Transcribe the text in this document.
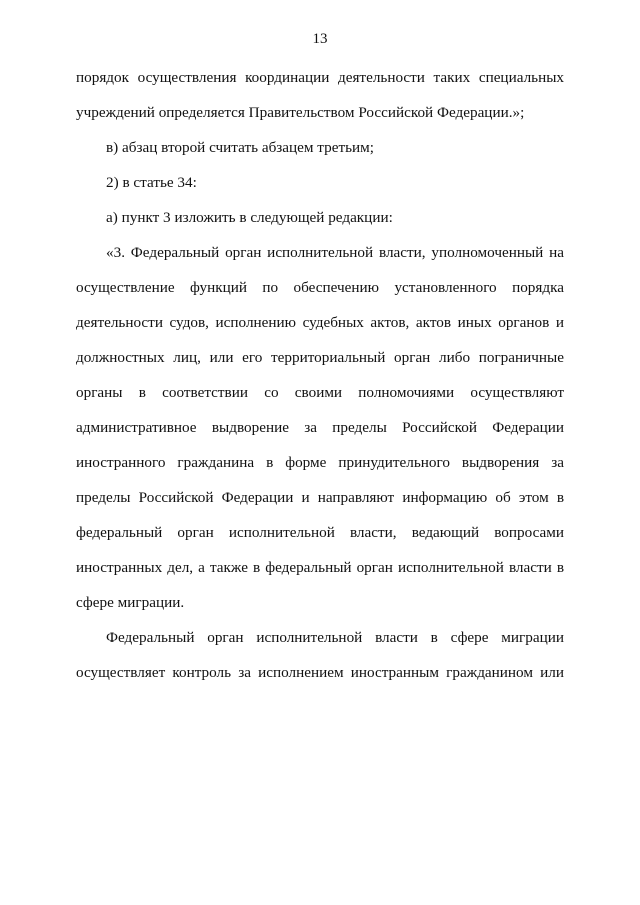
13
порядок осуществления координации деятельности таких специальных
учреждений определяется Правительством Российской Федерации.»;
в) абзац второй считать абзацем третьим;
2) в статье 34:
а) пункт 3 изложить в следующей редакции:
«3. Федеральный орган исполнительной власти, уполномоченный на
осуществление функций по обеспечению установленного порядка
деятельности судов, исполнению судебных актов, актов иных органов и
должностных лиц, или его территориальный орган либо пограничные
органы в соответствии со своими полномочиями осуществляют
административное выдворение за пределы Российской Федерации
иностранного гражданина в форме принудительного выдворения за
пределы Российской Федерации и направляют информацию об этом в
федеральный орган исполнительной власти, ведающий вопросами
иностранных дел, а также в федеральный орган исполнительной власти в
сфере миграции.
Федеральный орган исполнительной власти в сфере миграции
осуществляет контроль за исполнением иностранным гражданином или
